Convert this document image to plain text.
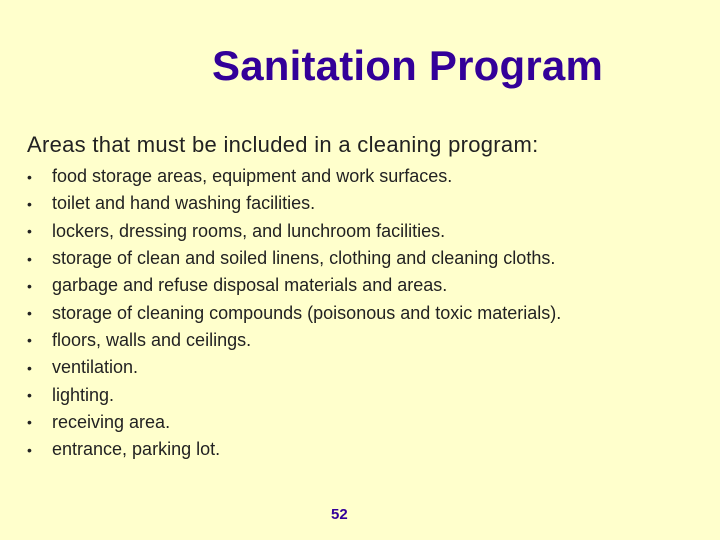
Sanitation Program
Areas that must be included in a cleaning program:
•	food storage areas, equipment and work surfaces.
•	toilet and hand washing facilities.
•	lockers, dressing rooms, and lunchroom facilities.
•	storage of clean and soiled linens, clothing and cleaning cloths.
•	garbage and refuse disposal materials and areas.
•	storage of cleaning compounds (poisonous and toxic materials).
•	floors, walls and ceilings.
•	ventilation.
•	lighting.
•	receiving area.
•	entrance, parking lot.
52
